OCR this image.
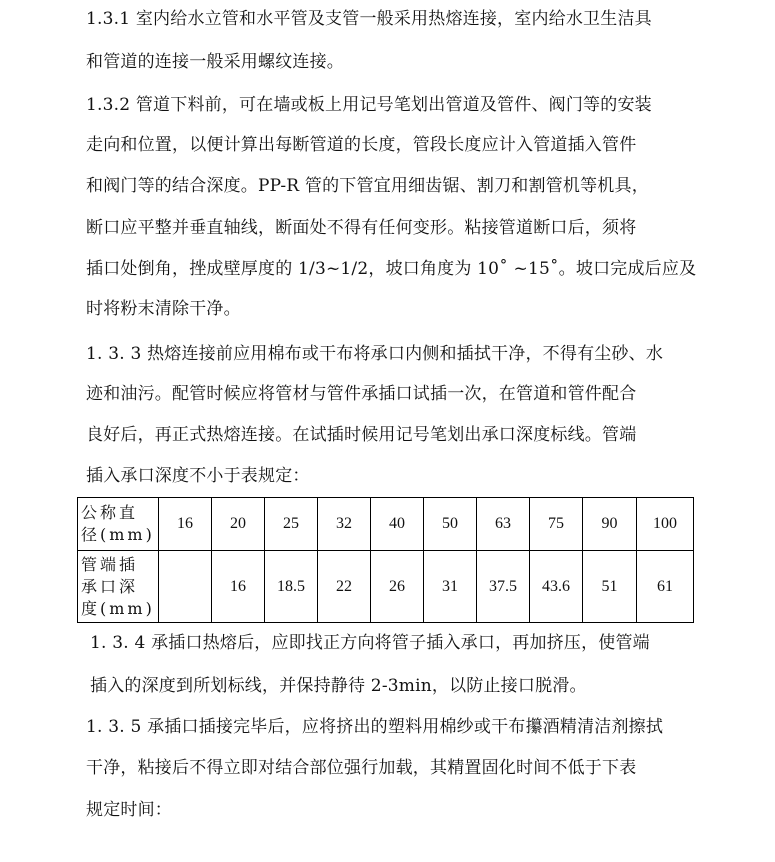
1.3.1 室内给水立管和水平管及支管一般采用热熔连接，室内给水卫生洁具
和管道的连接一般采用螺纹连接。
1.3.2 管道下料前，可在墙或板上用记号笔划出管道及管件、阀门等的安装
走向和位置，以便计算出每断管道的长度，管段长度应计入管道插入管件
和阀门等的结合深度。PP-R 管的下管宜用细齿锯、割刀和割管机等机具，
断口应平整并垂直轴线，断面处不得有任何变形。粘接管道断口后，须将
插口处倒角，挫成壁厚度的 1/3~1/2，坡口角度为 10˚ ~15˚。坡口完成后应及
时将粉末清除干净。
1. 3. 3 热熔连接前应用棉布或干布将承口内侧和插拭干净，不得有尘砂、水
迹和油污。配管时候应将管材与管件承插口试插一次，在管道和管件配合
良好后，再正式热熔连接。在试插时候用记号笔划出承口深度标线。管端
插入承口深度不小于表规定：
公称直
径(mm)	16	20	25	32	40	50	63	75	90	100

管端插
承口深
度(mm)		16	18.5	22	26	31	37.5	43.6	51	61
1. 3. 4 承插口热熔后，应即找正方向将管子插入承口，再加挤压，使管端
插入的深度到所划标线，并保持静待 2-3min，以防止接口脱滑。
1. 3. 5 承插口插接完毕后，应将挤出的塑料用棉纱或干布攥酒精清洁剂擦拭
干净，粘接后不得立即对结合部位强行加载，其精置固化时间不低于下表
规定时间：
